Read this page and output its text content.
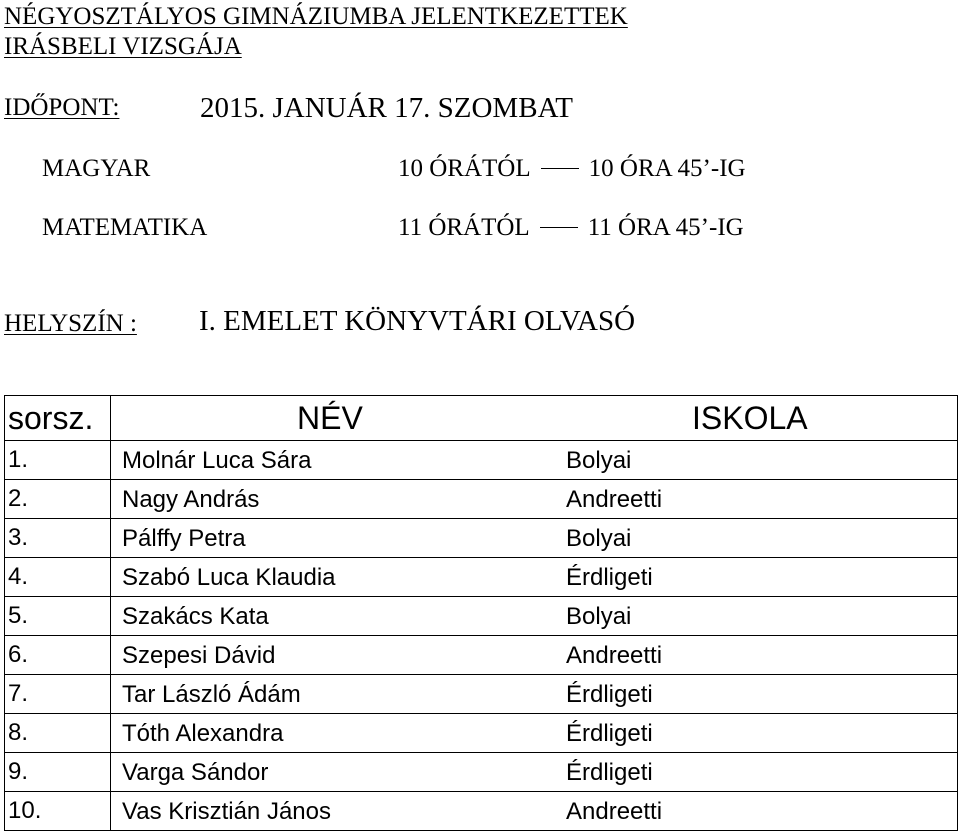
NÉGYOSZTÁLYOS GIMNÁZIUMBA JELENTKEZETTEK
IRÁSBELI VIZSGÁJA
IDŐPONT:	2015. JANUÁR 17. SZOMBAT
MAGYAR	10 ÓRÁTÓL 10 ÓRA 45’-IG
MATEMATIKA	11 ÓRÁTÓL 11 ÓRA 45’-IG
HELYSZÍN : I. EMELET KÖNYVTÁRI OLVASÓ
sorsz.	NÉV ISKOLA

1.	Molnár Luca Sára Bolyai

2.	Nagy András Andreetti

3.	Pálffy Petra Bolyai

4.	Szabó Luca Klaudia Érdligeti

5.	Szakács Kata Bolyai

6.	Szepesi Dávid Andreetti

7.	Tar László Ádám Érdligeti

8.	Tóth Alexandra Érdligeti

9.	Varga Sándor Érdligeti

10.	Vas Krisztián János Andreetti
